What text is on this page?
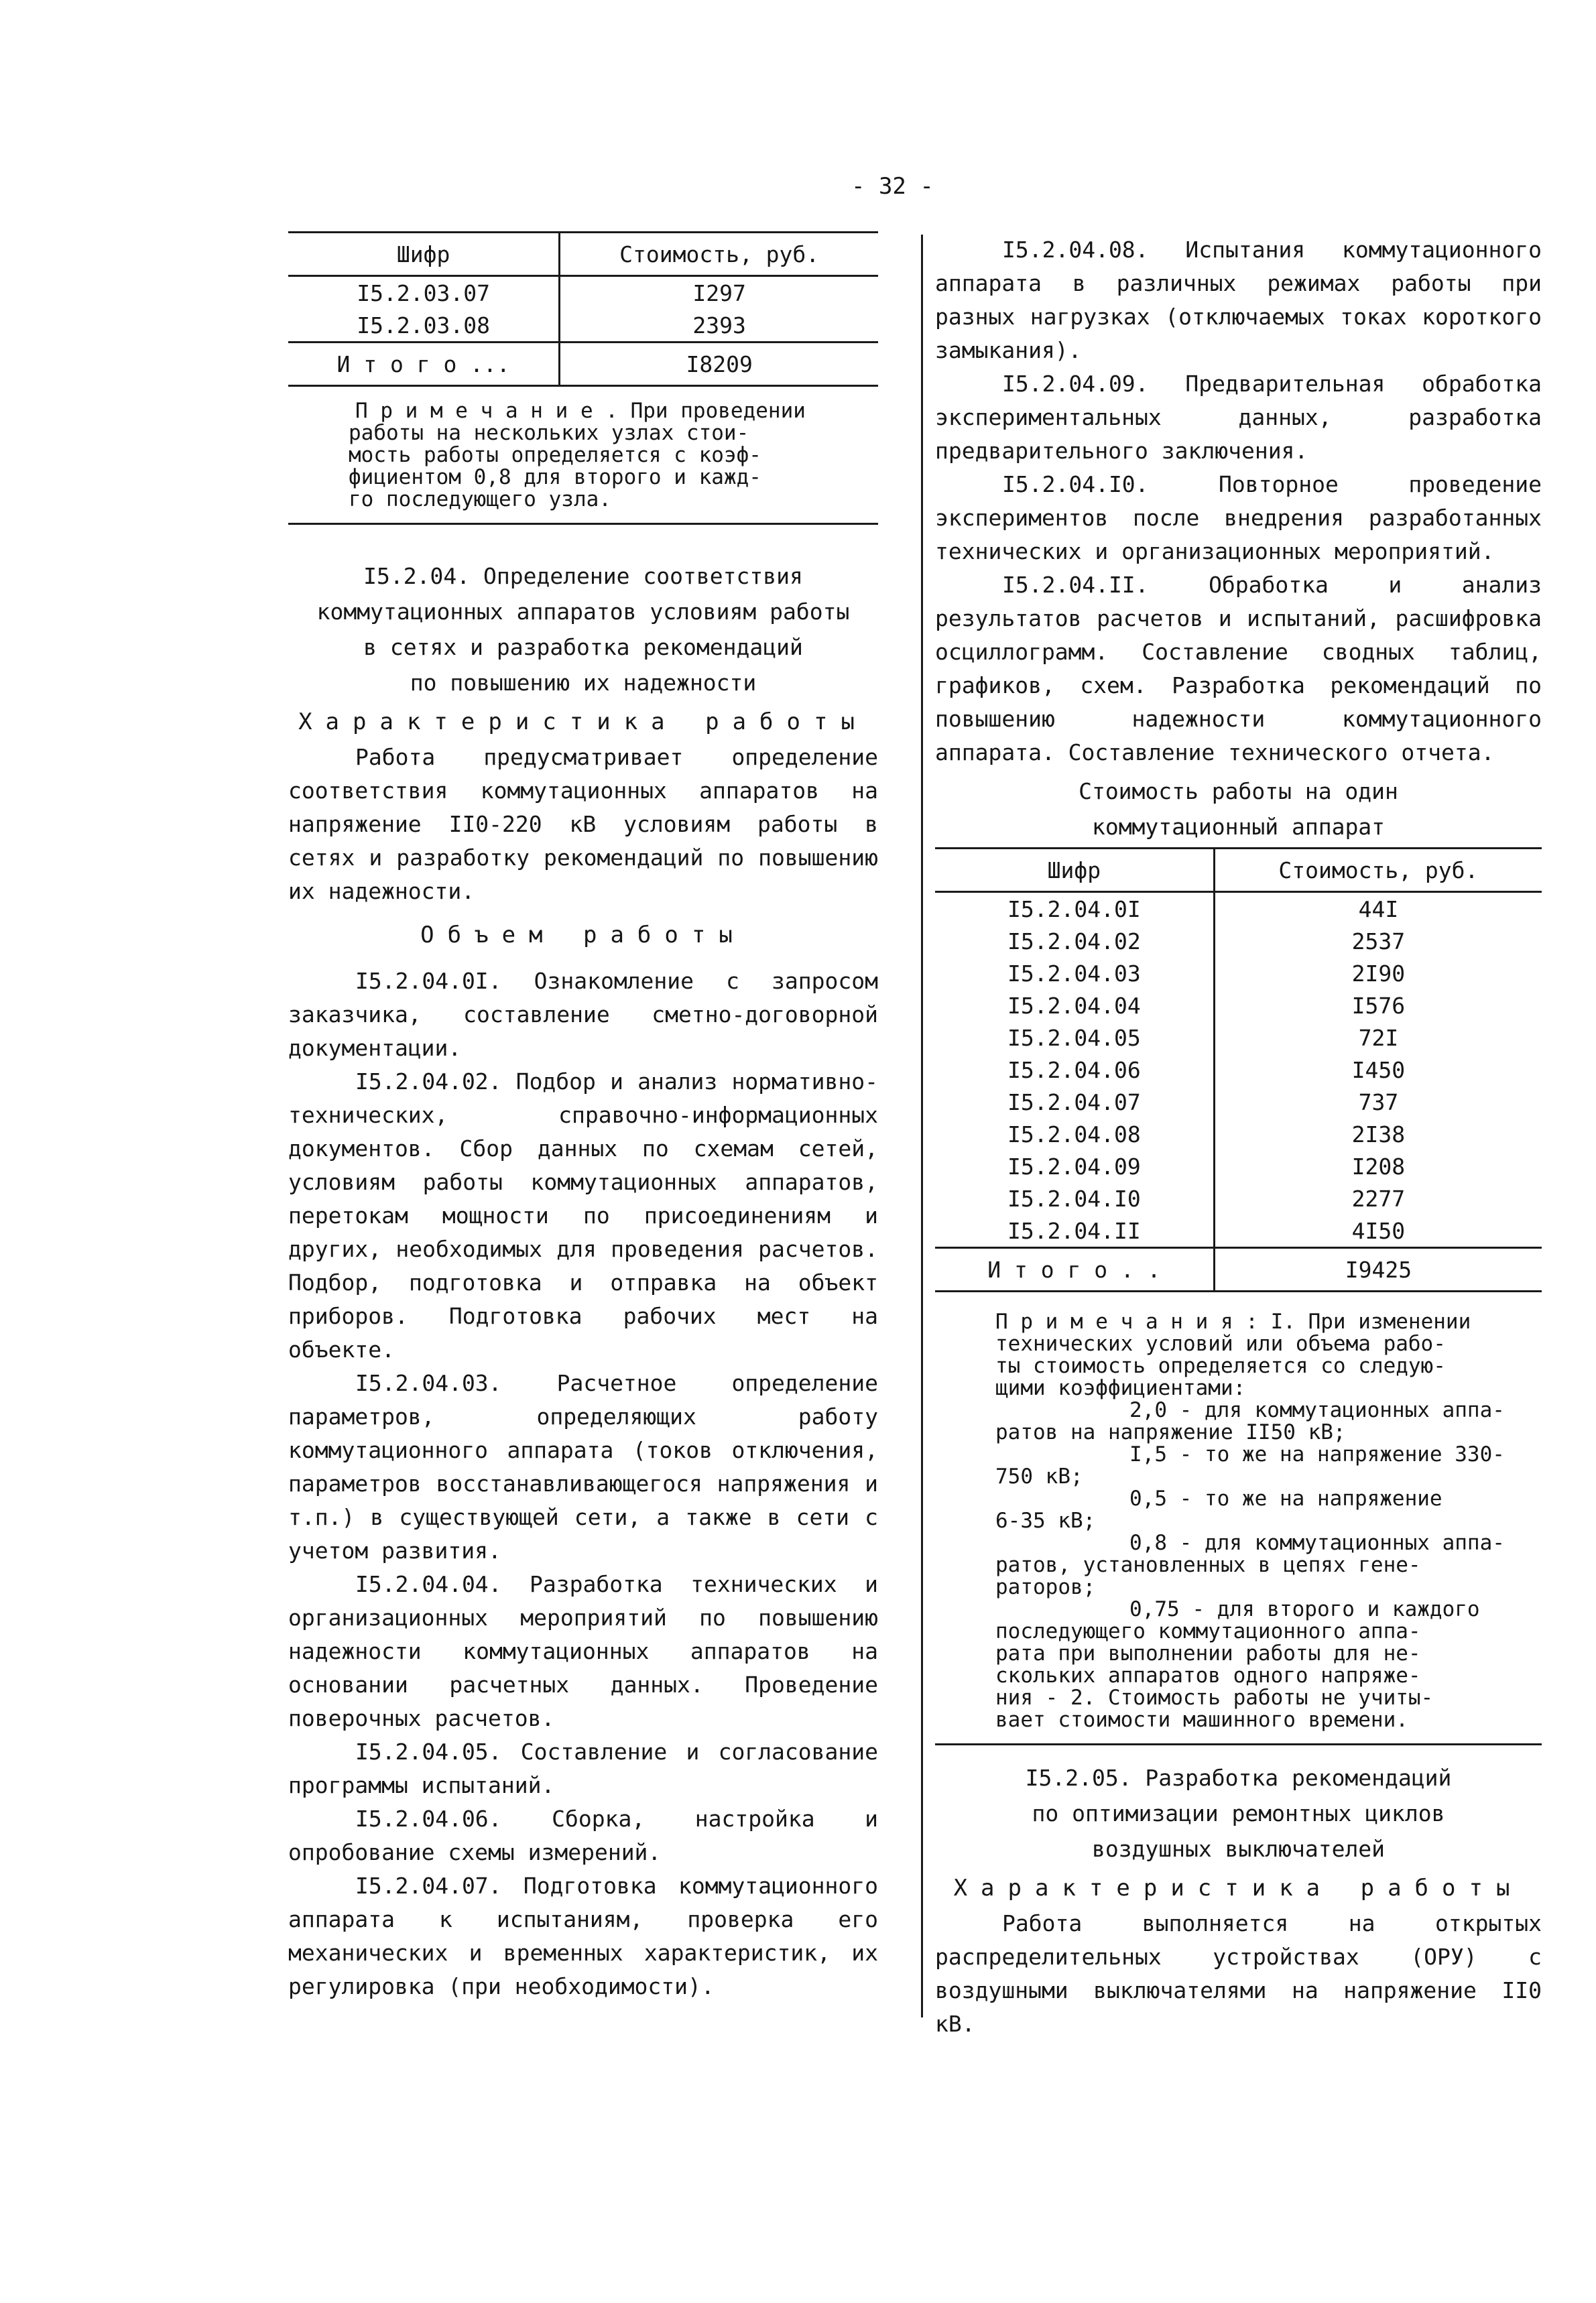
- 32 -
Шифр	Стоимость, руб.
I5.2.03.07	I297
I5.2.03.08	2393
И т о г о ...	I8209

П р и м е ч а н и е . При проведении

работы на нескольких узлах стои-

мость работы определяется с коэф-

фициентом 0,8 для второго и кажд-

го последующего узла.

I5.2.04. Определение соответствия

коммутационных аппаратов условиям работы

в сетях и разработка рекомендаций

по повышению их надежности

Характеристика работы

Работа предусматривает определение соответствия коммутационных аппаратов на напряжение II0-220 кВ условиям работы в сетях и разработку рекомендаций по повышению их надежности.

Объем работы

I5.2.04.0I. Ознакомление с запросом заказчика, составление сметно-договорной документации.

I5.2.04.02. Подбор и анализ нормативно-технических, справочно-информационных документов. Сбор данных по схемам сетей, условиям работы коммутационных аппаратов, перетокам мощности по присоединениям и других, необходимых для проведения расчетов. Подбор, подготовка и отправка на объект приборов. Подготовка рабочих мест на объекте.

I5.2.04.03. Расчетное определение параметров, определяющих работу коммутационного аппарата (токов отключения, параметров восстанавливающегося напряжения и т.п.) в существующей сети, а также в сети с учетом развития.

I5.2.04.04. Разработка технических и организационных мероприятий по повышению надежности коммутационных аппаратов на основании расчетных данных. Проведение поверочных расчетов.

I5.2.04.05. Составление и согласование программы испытаний.

I5.2.04.06. Сборка, настройка и опробование схемы измерений.

I5.2.04.07. Подготовка коммутационного аппарата к испытаниям, проверка его механических и временных характеристик, их регулировка (при необходимости).

I5.2.04.08. Испытания коммутационного аппарата в различных режимах работы при разных нагрузках (отключаемых токах короткого замыкания).

I5.2.04.09. Предварительная обработка экспериментальных данных, разработка предварительного заключения.

I5.2.04.I0. Повторное проведение экспериментов после внедрения разработанных технических и организационных мероприятий.

I5.2.04.II. Обработка и анализ результатов расчетов и испытаний, расшифровка осциллограмм. Составление сводных таблиц, графиков, схем. Разработка рекомендаций по повышению надежности коммутационного аппарата. Составление технического отчета.

Стоимость работы на один

коммутационный аппарат

Шифр	Стоимость, руб.
I5.2.04.0I	44I
I5.2.04.02	2537
I5.2.04.03	2I90
I5.2.04.04	I576
I5.2.04.05	72I
I5.2.04.06	I450
I5.2.04.07	737
I5.2.04.08	2I38
I5.2.04.09	I208
I5.2.04.I0	2277
I5.2.04.II	4I50
И т о г о . .	I9425

П р и м е ч а н и я : I. При изменении

технических условий или объема рабо-

ты стоимость определяется со следую-

щими коэффициентами:

2,0 - для коммутационных аппа-

ратов на напряжение II50 кВ;

I,5 - то же на напряжение 330-

750 кВ;

0,5 - то же на напряжение

6-35 кВ;

0,8 - для коммутационных аппа-

ратов, установленных в цепях гене-

раторов;

0,75 - для второго и каждого

последующего коммутационного аппа-

рата при выполнении работы для не-

скольких аппаратов одного напряже-

ния - 2. Стоимость работы не учиты-

вает стоимости машинного времени.

I5.2.05. Разработка рекомендаций

по оптимизации ремонтных циклов

воздушных выключателей

Характеристика работы

Работа выполняется на открытых распределительных устройствах (ОРУ) с воздушными выключателями на напряжение II0 кВ.
